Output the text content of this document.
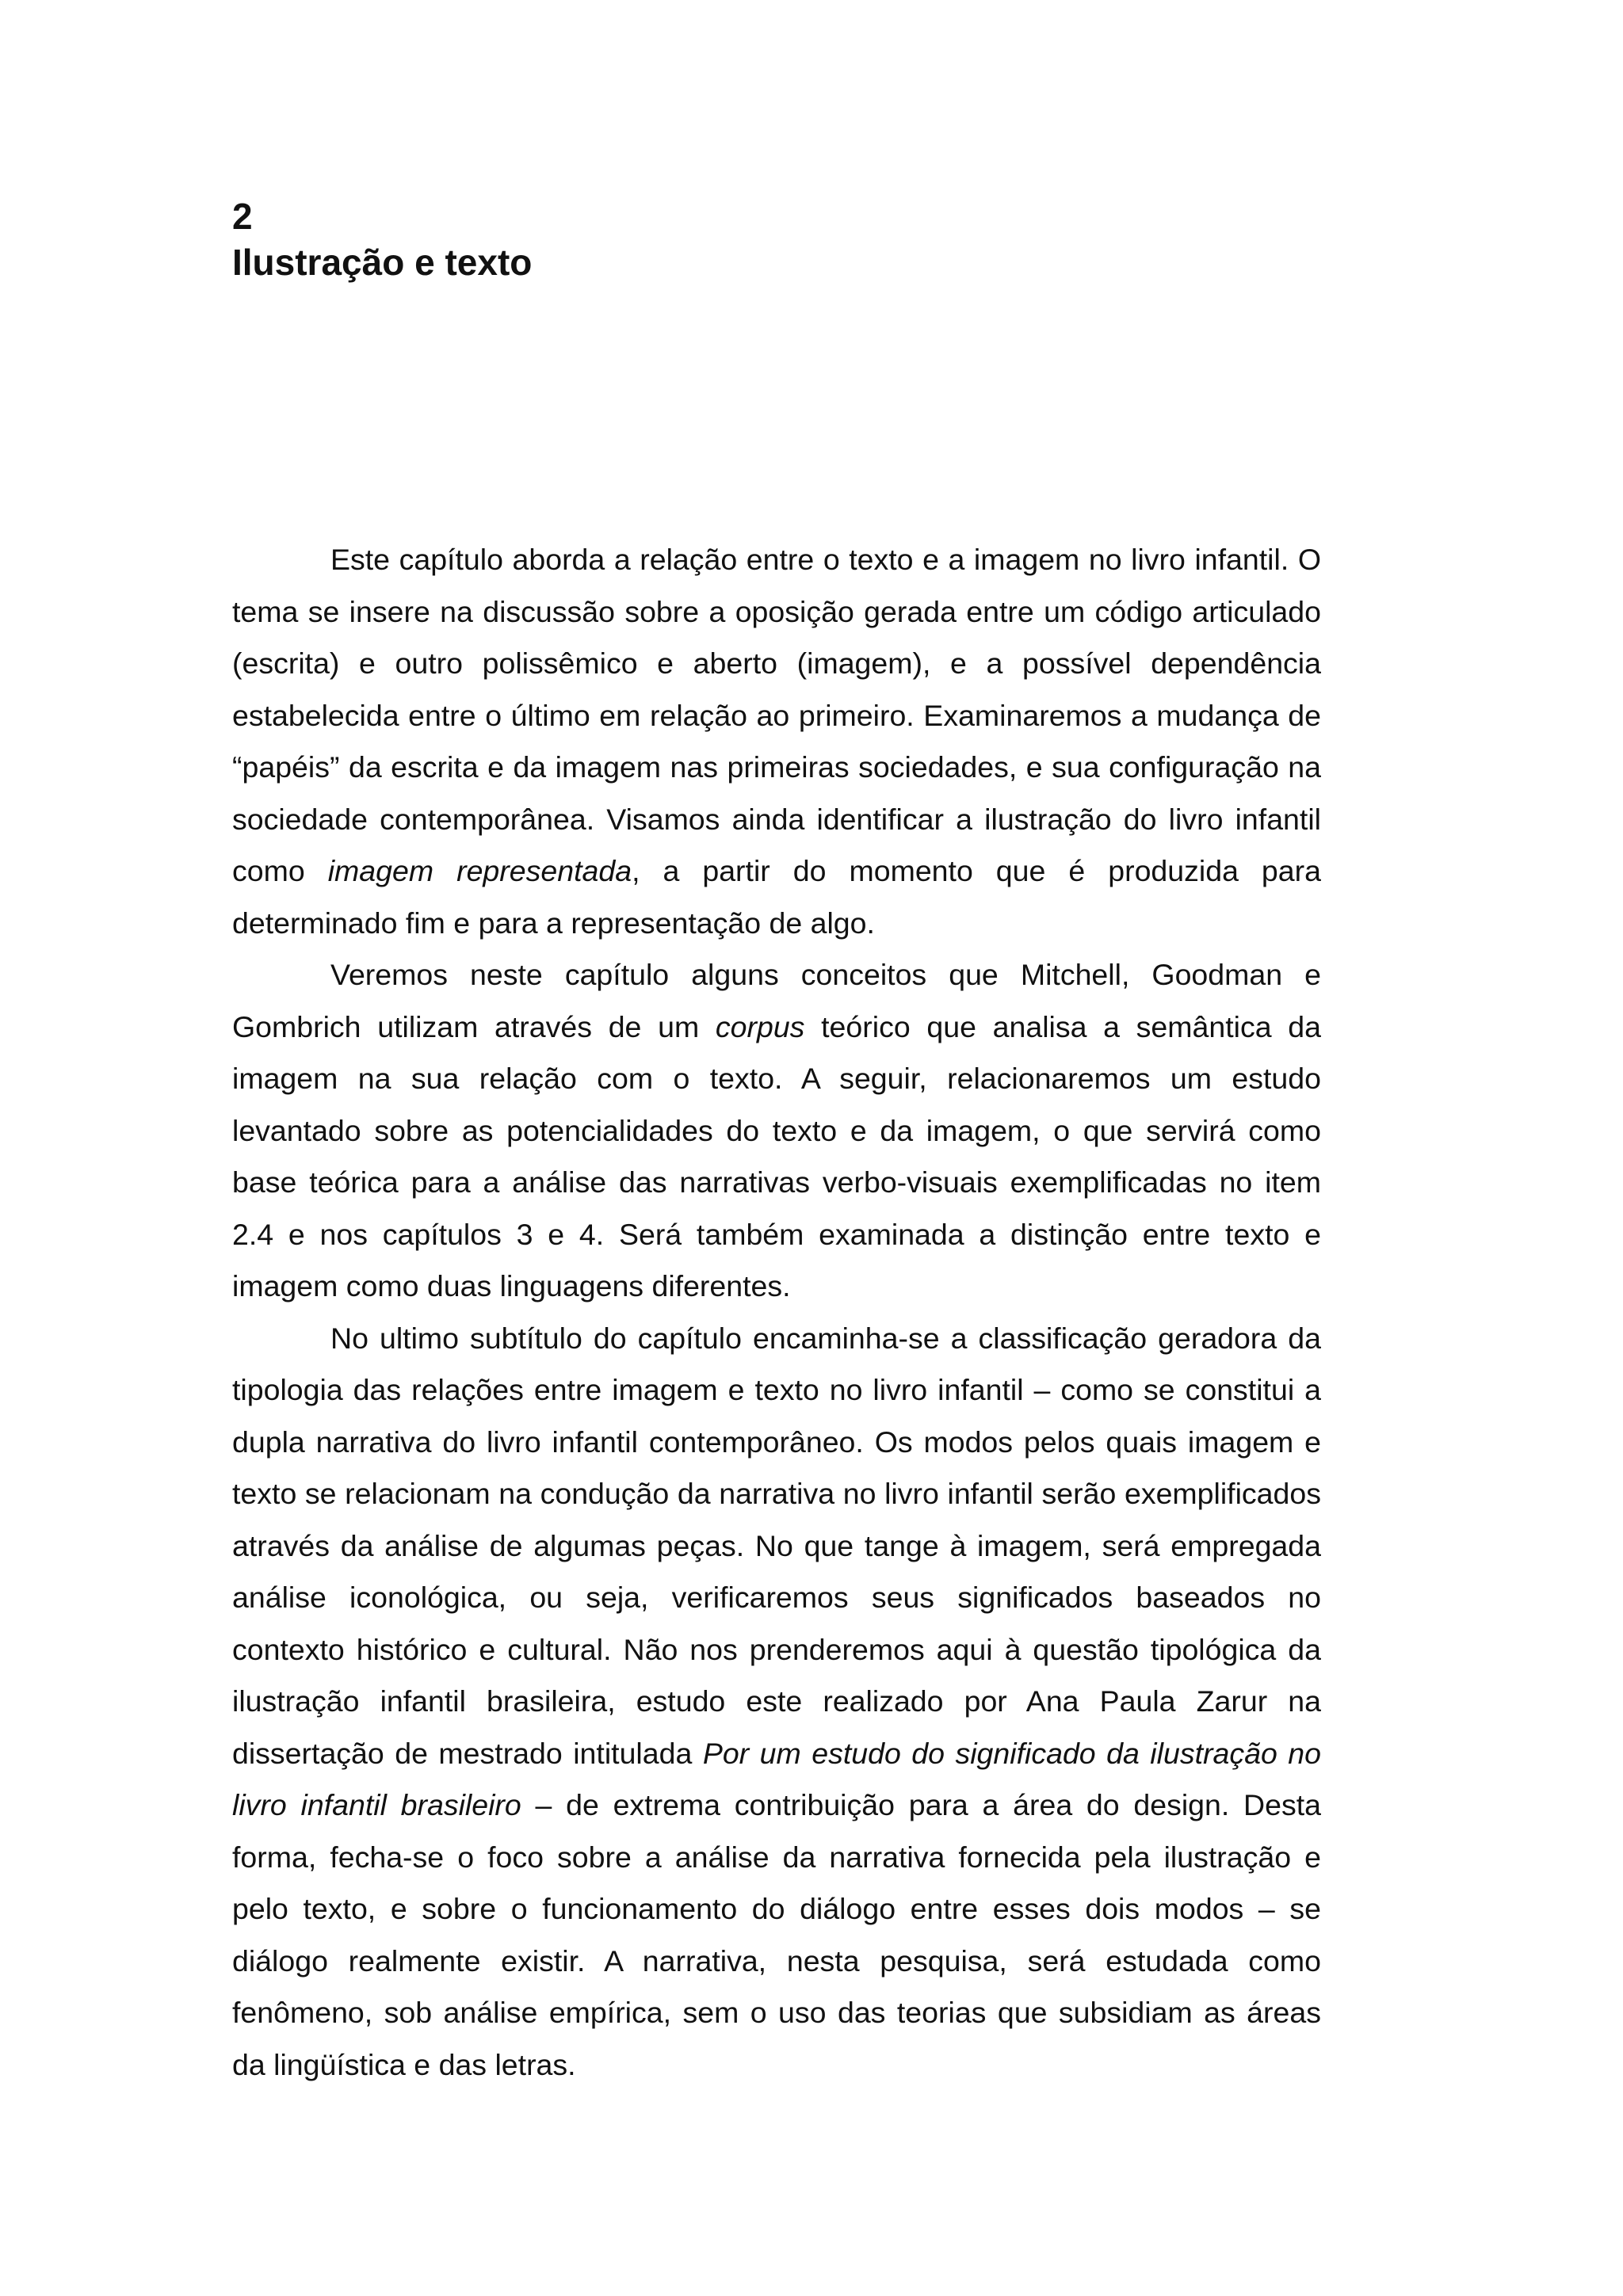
2
Ilustração e texto

Este capítulo aborda a relação entre o texto e a imagem no livro infantil. O tema se insere na discussão sobre a oposição gerada entre um código articulado (escrita) e outro polissêmico e aberto (imagem), e a possível dependência estabelecida entre o último em relação ao primeiro. Examinaremos a mudança de “papéis” da escrita e da imagem nas primeiras sociedades, e sua configuração na sociedade contemporânea. Visamos ainda identificar a ilustração do livro infantil como imagem representada, a partir do momento que é produzida para determinado fim e para a representação de algo.

Veremos neste capítulo alguns conceitos que Mitchell, Goodman e Gombrich utilizam através de um corpus teórico que analisa a semântica da imagem na sua relação com o texto. A seguir, relacionaremos um estudo levantado sobre as potencialidades do texto e da imagem, o que servirá como base teórica para a análise das narrativas verbo-visuais exemplificadas no item 2.4 e nos capítulos 3 e 4. Será também examinada a distinção entre texto e imagem como duas linguagens diferentes.

No ultimo subtítulo do capítulo encaminha-se a classificação geradora da tipologia das relações entre imagem e texto no livro infantil – como se constitui a dupla narrativa do livro infantil contemporâneo. Os modos pelos quais imagem e texto se relacionam na condução da narrativa no livro infantil serão exemplificados através da análise de algumas peças. No que tange à imagem, será empregada análise iconológica, ou seja, verificaremos seus significados baseados no contexto histórico e cultural. Não nos prenderemos aqui à questão tipológica da ilustração infantil brasileira, estudo este realizado por Ana Paula Zarur na dissertação de mestrado intitulada Por um estudo do significado da ilustração no livro infantil brasileiro – de extrema contribuição para a área do design. Desta forma, fecha-se o foco sobre a análise da narrativa fornecida pela ilustração e pelo texto, e sobre o funcionamento do diálogo entre esses dois modos – se diálogo realmente existir. A narrativa, nesta pesquisa, será estudada como fenômeno, sob análise empírica, sem o uso das teorias que subsidiam as áreas da lingüística e das letras.
